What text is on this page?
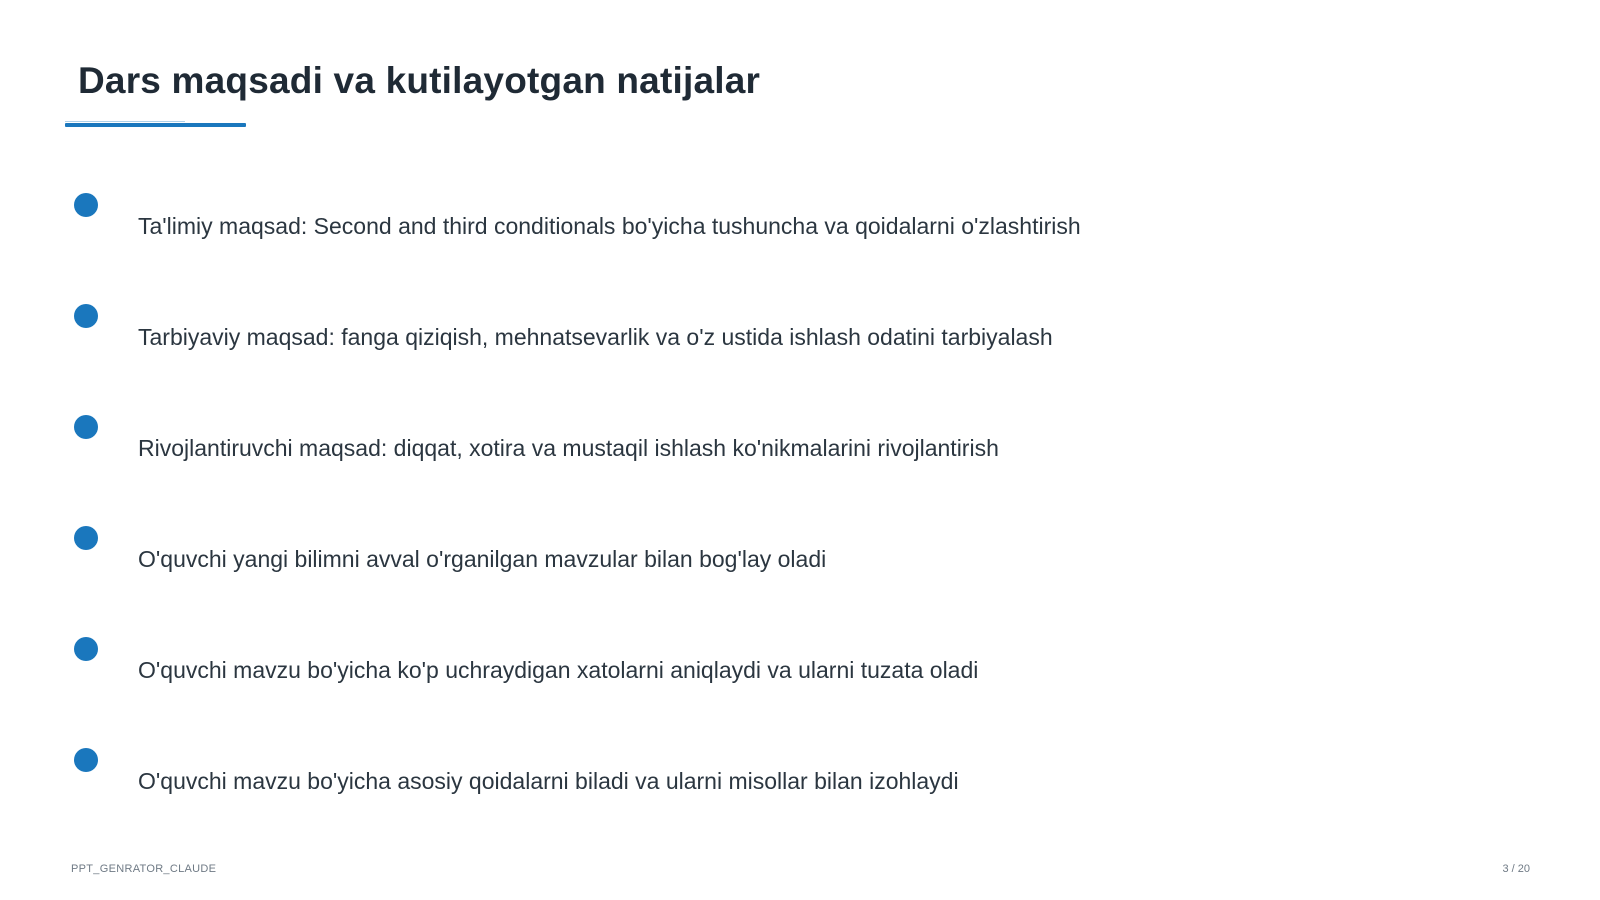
Dars maqsadi va kutilayotgan natijalar
Ta'limiy maqsad: Second and third conditionals bo'yicha tushuncha va qoidalarni o'zlashtirish
Tarbiyaviy maqsad: fanga qiziqish, mehnatsevarlik va o'z ustida ishlash odatini tarbiyalash
Rivojlantiruvchi maqsad: diqqat, xotira va mustaqil ishlash ko'nikmalarini rivojlantirish
O'quvchi yangi bilimni avval o'rganilgan mavzular bilan bog'lay oladi
O'quvchi mavzu bo'yicha ko'p uchraydigan xatolarni aniqlaydi va ularni tuzata oladi
O'quvchi mavzu bo'yicha asosiy qoidalarni biladi va ularni misollar bilan izohlaydi
PPT_GENRATOR_CLAUDE	3 / 20
